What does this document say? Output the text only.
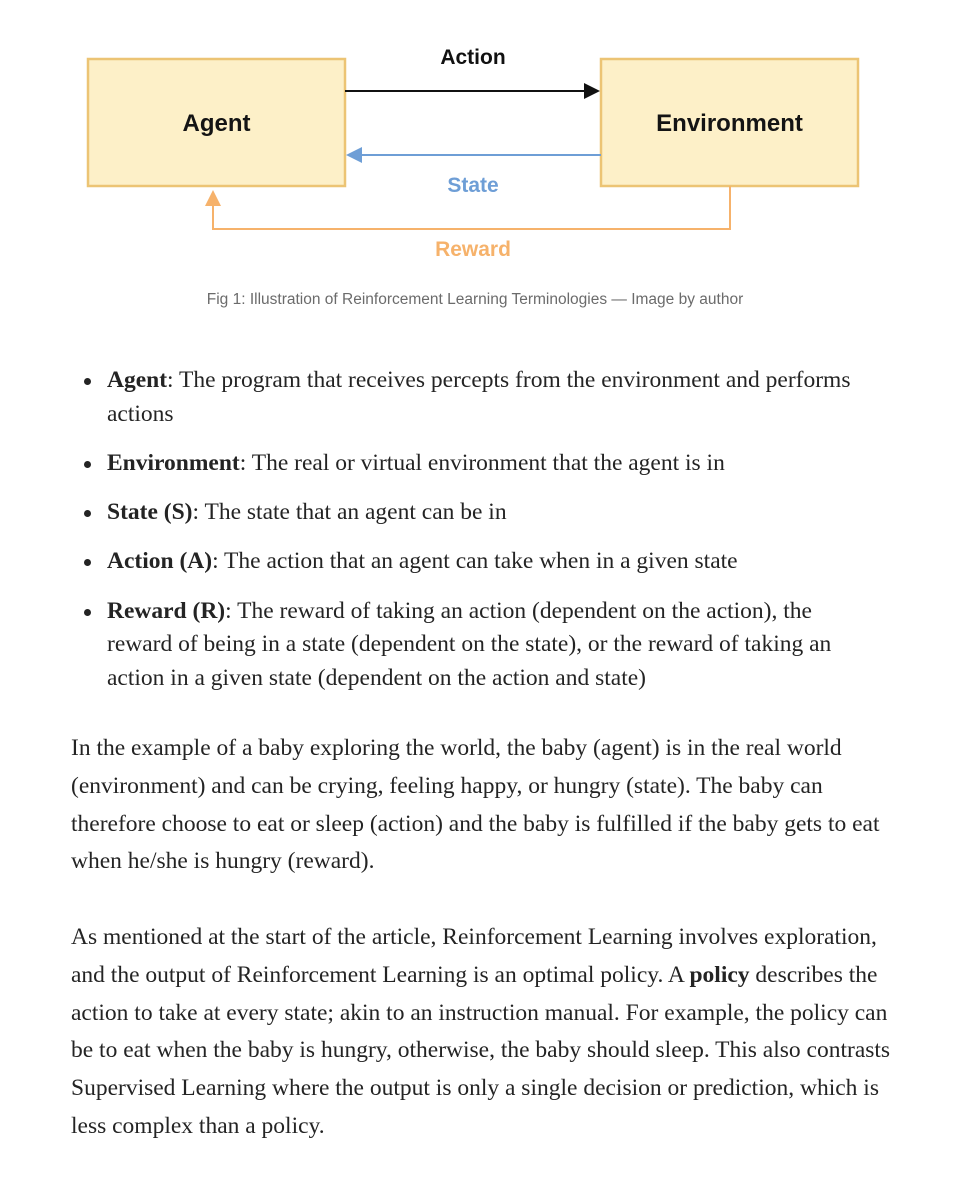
Agent	Environment
Action
State
Reward
Fig 1: Illustration of Reinforcement Learning Terminologies — Image by author
Agent: The program that receives percepts from the environment and performs actions
Environment: The real or virtual environment that the agent is in
State (S): The state that an agent can be in
Action (A): The action that an agent can take when in a given state
Reward (R): The reward of taking an action (dependent on the action), the reward of being in a state (dependent on the state), or the reward of taking an action in a given state (dependent on the action and state)

In the example of a baby exploring the world, the baby (agent) is in the real world (environment) and can be crying, feeling happy, or hungry (state). The baby can therefore choose to eat or sleep (action) and the baby is fulfilled if the baby gets to eat when he/she is hungry (reward).

As mentioned at the start of the article, Reinforcement Learning involves exploration, and the output of Reinforcement Learning is an optimal policy. A policy describes the action to take at every state; akin to an instruction manual. For example, the policy can be to eat when the baby is hungry, otherwise, the baby should sleep. This also contrasts Supervised Learning where the output is only a single decision or prediction, which is less complex than a policy.
